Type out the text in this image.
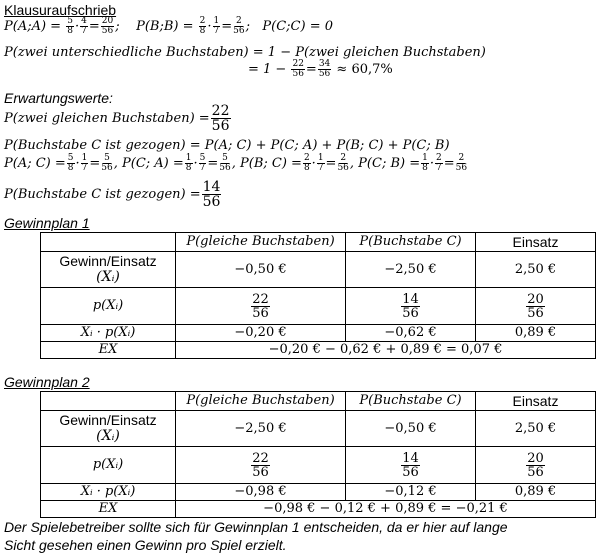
Klausuraufschrieb
P(A;A) = $\frac{5}{8} \cdot \frac{4}{7} = \frac{20}{56}$ ;    P(B;B) = $\frac{2}{8} \cdot \frac{1}{7} = \frac{2}{56}$ ;   P(C;C) = 0
P(zwei unterschiedliche Buchstaben) = 1 − P(zwei gleichen Buchstaben)
= $1 - \frac{22}{56} = \frac{34}{56} \approx 60,7\%$
Erwartungswerte:
P(zwei gleichen Buchstaben) = $\frac{22}{56}$
P(Buchstabe C ist gezogen) = P(A; C) + P(C; A) + P(B; C) + P(C; B)
P(A; $C) = \frac{5}{8} \cdot \frac{1}{7} = \frac{5}{56}$ , P(C; $A) = \frac{1}{8} \cdot \frac{5}{7} = \frac{5}{56}$ , P(B; $C) = \frac{2}{8} \cdot \frac{1}{7} = \frac{2}{56}$ , P(C; $B) = \frac{1}{8} \cdot \frac{2}{7} = \frac{2}{56}$
P(Buchstabe C ist gezogen) = $\frac{14}{56}$
Gewinnplan 1
	P(gleiche Buchstaben)	P(Buchstabe C)	Einsatz
Gewinn/Einsatz
(Xᵢ)	−0,50 €	−2,50 €	2,50 €
p(Xᵢ)	$\frac{22}{56}$	$\frac{14}{56}$	$\frac{20}{56}$

Xᵢ · p(Xᵢ)	−0,20 €	−0,62 €	0,89 €
EX	−0,20 € − 0,62 € + 0,89 € = 0,07 €		
Gewinnplan 2
	P(gleiche Buchstaben)	P(Buchstabe C)	Einsatz
Gewinn/Einsatz
(Xᵢ)	−2,50 €	−0,50 €	2,50 €
p(Xᵢ)	$\frac{22}{56}$	$\frac{14}{56}$	$\frac{20}{56}$

Xᵢ · p(Xᵢ)	−0,98 €	−0,12 €	0,89 €
EX	−0,98 € − 0,12 € + 0,89 € = −0,21 €		
Der Spielebetreiber sollte sich für Gewinnplan 1 entscheiden, da er hier auf lange
Sicht gesehen einen Gewinn pro Spiel erzielt.
